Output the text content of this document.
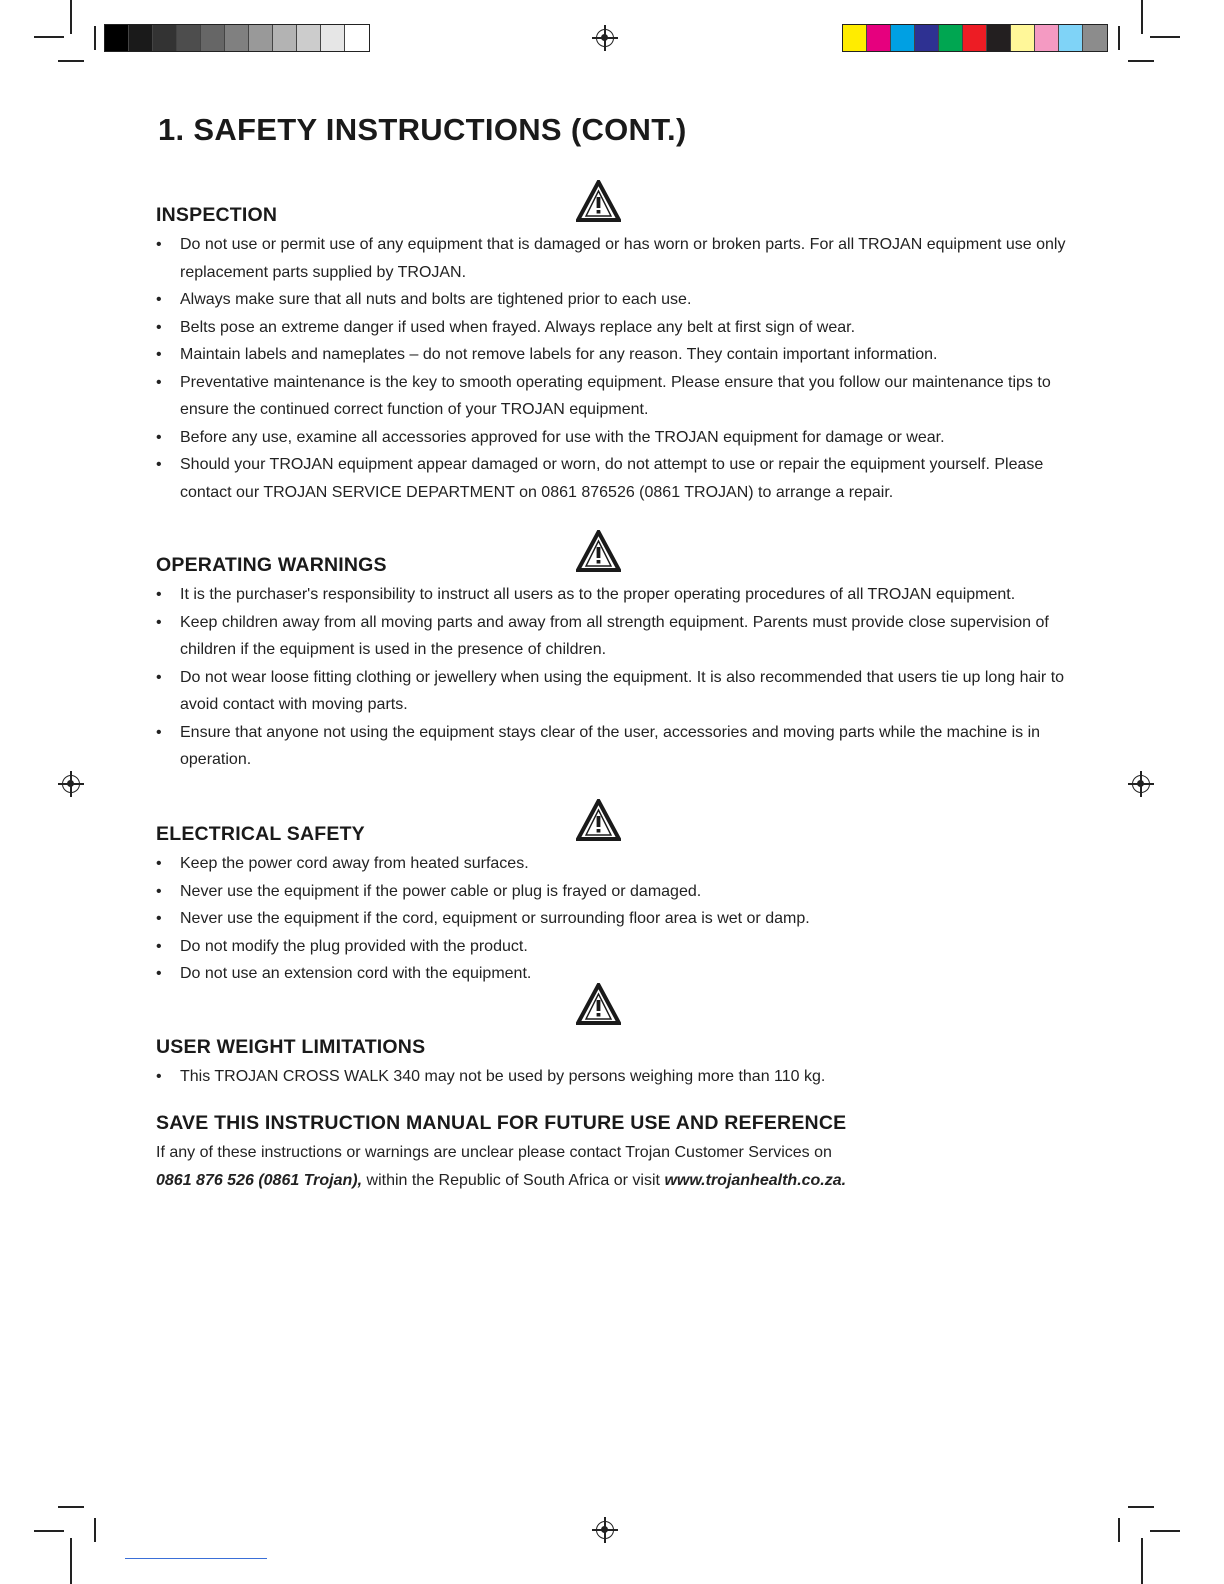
1. SAFETY INSTRUCTIONS (CONT.)
INSPECTION
• Do not use or permit use of any equipment that is damaged or has worn or broken parts. For all TROJAN equipment use only replacement parts supplied by TROJAN.
• Always make sure that all nuts and bolts are tightened prior to each use.
• Belts pose an extreme danger if used when frayed. Always replace any belt at first sign of wear.
• Maintain labels and nameplates – do not remove labels for any reason. They contain important information.
• Preventative maintenance is the key to smooth operating equipment. Please ensure that you follow our maintenance tips to ensure the continued correct function of your TROJAN equipment.
• Before any use, examine all accessories approved for use with the TROJAN equipment for damage or wear.
• Should your TROJAN equipment appear damaged or worn, do not attempt to use or repair the equipment yourself. Please contact our TROJAN SERVICE DEPARTMENT on 0861 876526 (0861 TROJAN) to arrange a repair.
OPERATING WARNINGS
• It is the purchaser's responsibility to instruct all users as to the proper operating procedures of all TROJAN equipment.
• Keep children away from all moving parts and away from all strength equipment. Parents must provide close supervision of children if the equipment is used in the presence of children.
• Do not wear loose fitting clothing or jewellery when using the equipment. It is also recommended that users tie up long hair to avoid contact with moving parts.
• Ensure that anyone not using the equipment stays clear of the user, accessories and moving parts while the machine is in operation.
ELECTRICAL SAFETY
• Keep the power cord away from heated surfaces.
• Never use the equipment if the power cable or plug is frayed or damaged.
• Never use the equipment if the cord, equipment or surrounding floor area is wet or damp.
• Do not modify the plug provided with the product.
• Do not use an extension cord with the equipment.
USER WEIGHT LIMITATIONS
• This TROJAN CROSS WALK 340 may not be used by persons weighing more than 110 kg.
SAVE THIS INSTRUCTION MANUAL FOR FUTURE USE AND REFERENCE

If any of these instructions or warnings are unclear please contact Trojan Customer Services on
0861 876 526 (0861 Trojan), within the Republic of South Africa or visit www.trojanhealth.co.za.
